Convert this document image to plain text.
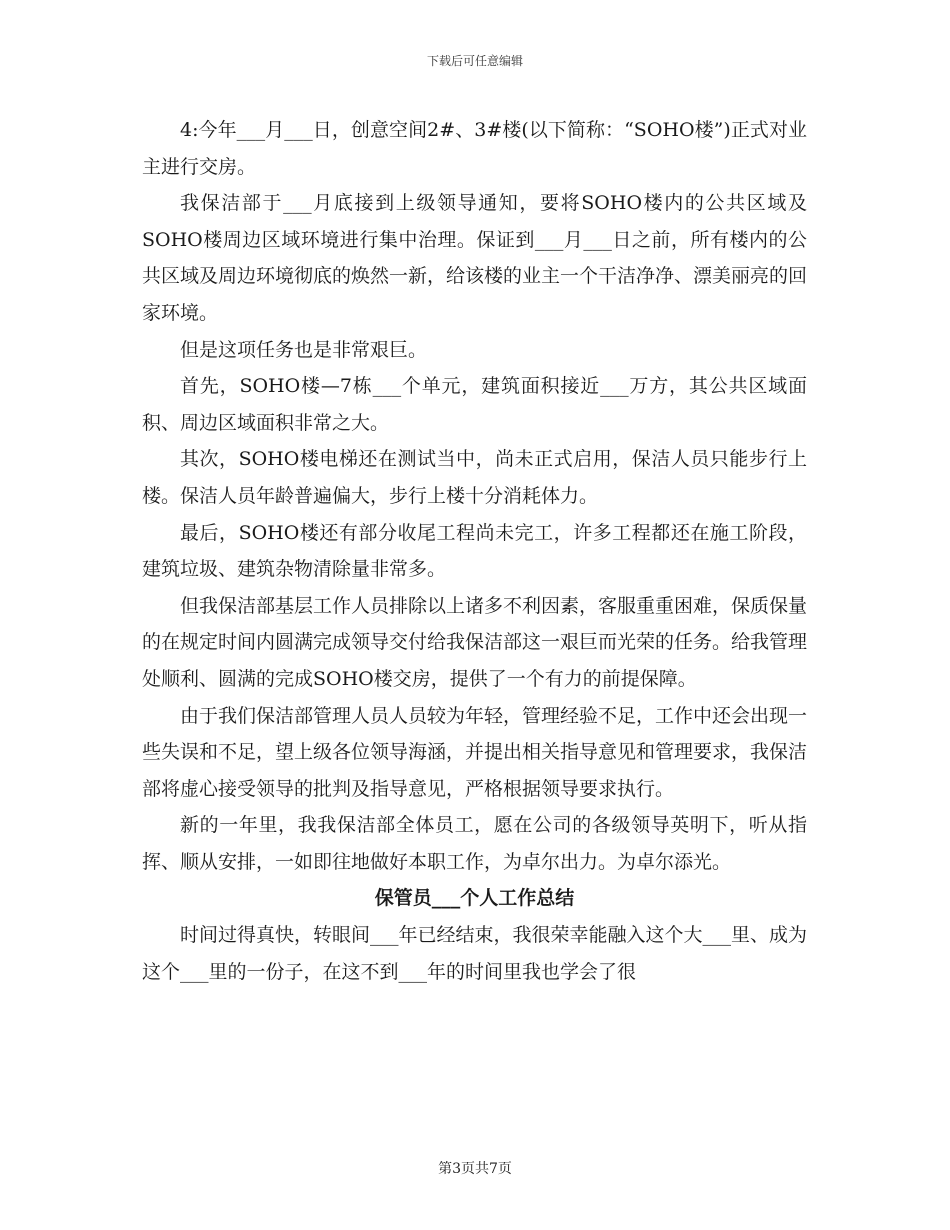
下载后可任意编辑

4:今年___月___日，创意空间2#、3#楼(以下简称：“SOHO楼”)正式对业主进行交房。

我保洁部于___月底接到上级领导通知，要将SOHO楼内的公共区域及SOHO楼周边区域环境进行集中治理。保证到___月___日之前，所有楼内的公共区域及周边环境彻底的焕然一新，给该楼的业主一个干洁净净、漂美丽亮的回家环境。

但是这项任务也是非常艰巨。

首先，SOHO楼—7栋___个单元，建筑面积接近___万方，其公共区域面积、周边区域面积非常之大。

其次，SOHO楼电梯还在测试当中，尚未正式启用，保洁人员只能步行上楼。保洁人员年龄普遍偏大，步行上楼十分消耗体力。

最后，SOHO楼还有部分收尾工程尚未完工，许多工程都还在施工阶段，建筑垃圾、建筑杂物清除量非常多。

但我保洁部基层工作人员排除以上诸多不利因素，客服重重困难，保质保量的在规定时间内圆满完成领导交付给我保洁部这一艰巨而光荣的任务。给我管理处顺利、圆满的完成SOHO楼交房，提供了一个有力的前提保障。

由于我们保洁部管理人员人员较为年轻，管理经验不足，工作中还会出现一些失误和不足，望上级各位领导海涵，并提出相关指导意见和管理要求，我保洁部将虚心接受领导的批判及指导意见，严格根据领导要求执行。

新的一年里，我我保洁部全体员工，愿在公司的各级领导英明下，听从指挥、顺从安排，一如即往地做好本职工作，为卓尔出力。为卓尔添光。

保管员___个人工作总结

时间过得真快，转眼间___年已经结束，我很荣幸能融入这个大___里、成为这个___里的一份子，在这不到___年的时间里我也学会了很

第3页共7页
